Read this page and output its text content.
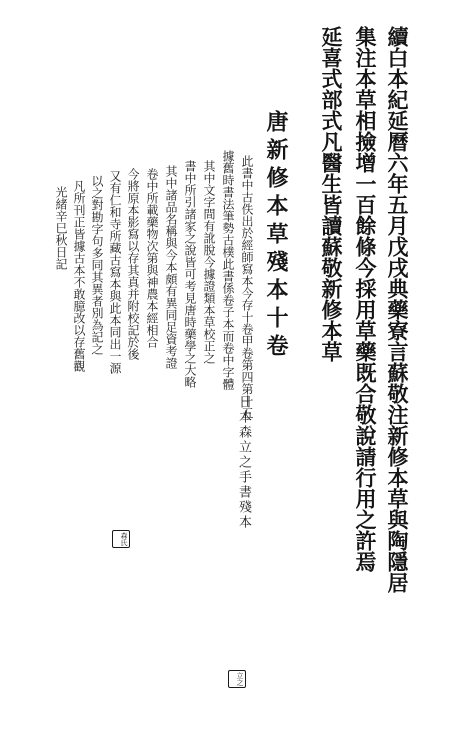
續白本紀延曆六年五月戊戌典藥寮言蘇敬注新修本草與陶隱居
集注本草相撿增一百餘條今採用草藥既合敬說請行用之許焉
延喜式部式凡醫生皆讀蘇敬新修本草
唐新修本草殘本十卷
日本森立之手書殘本
此書中古佚出於經師寫本今存十卷甲卷第四第十五
據舊時書法筆勢古樸此書係卷子本而卷中字體
其中文字間有訛脫今據證類本草校正之
書中所引諸家之說皆可考見唐時藥學之大略
其中諸品名稱與今本頗有異同足資考證
卷中所載藥物次第與神農本經相合
今將原本影寫以存其真并附校記於後
又有仁和寺所藏古寫本與此本同出一源
以之對勘字句多同其異者別為記之
凡所刊正皆據古本不敢臆改以存舊觀
光緒辛巳秋日記
森氏
立之
